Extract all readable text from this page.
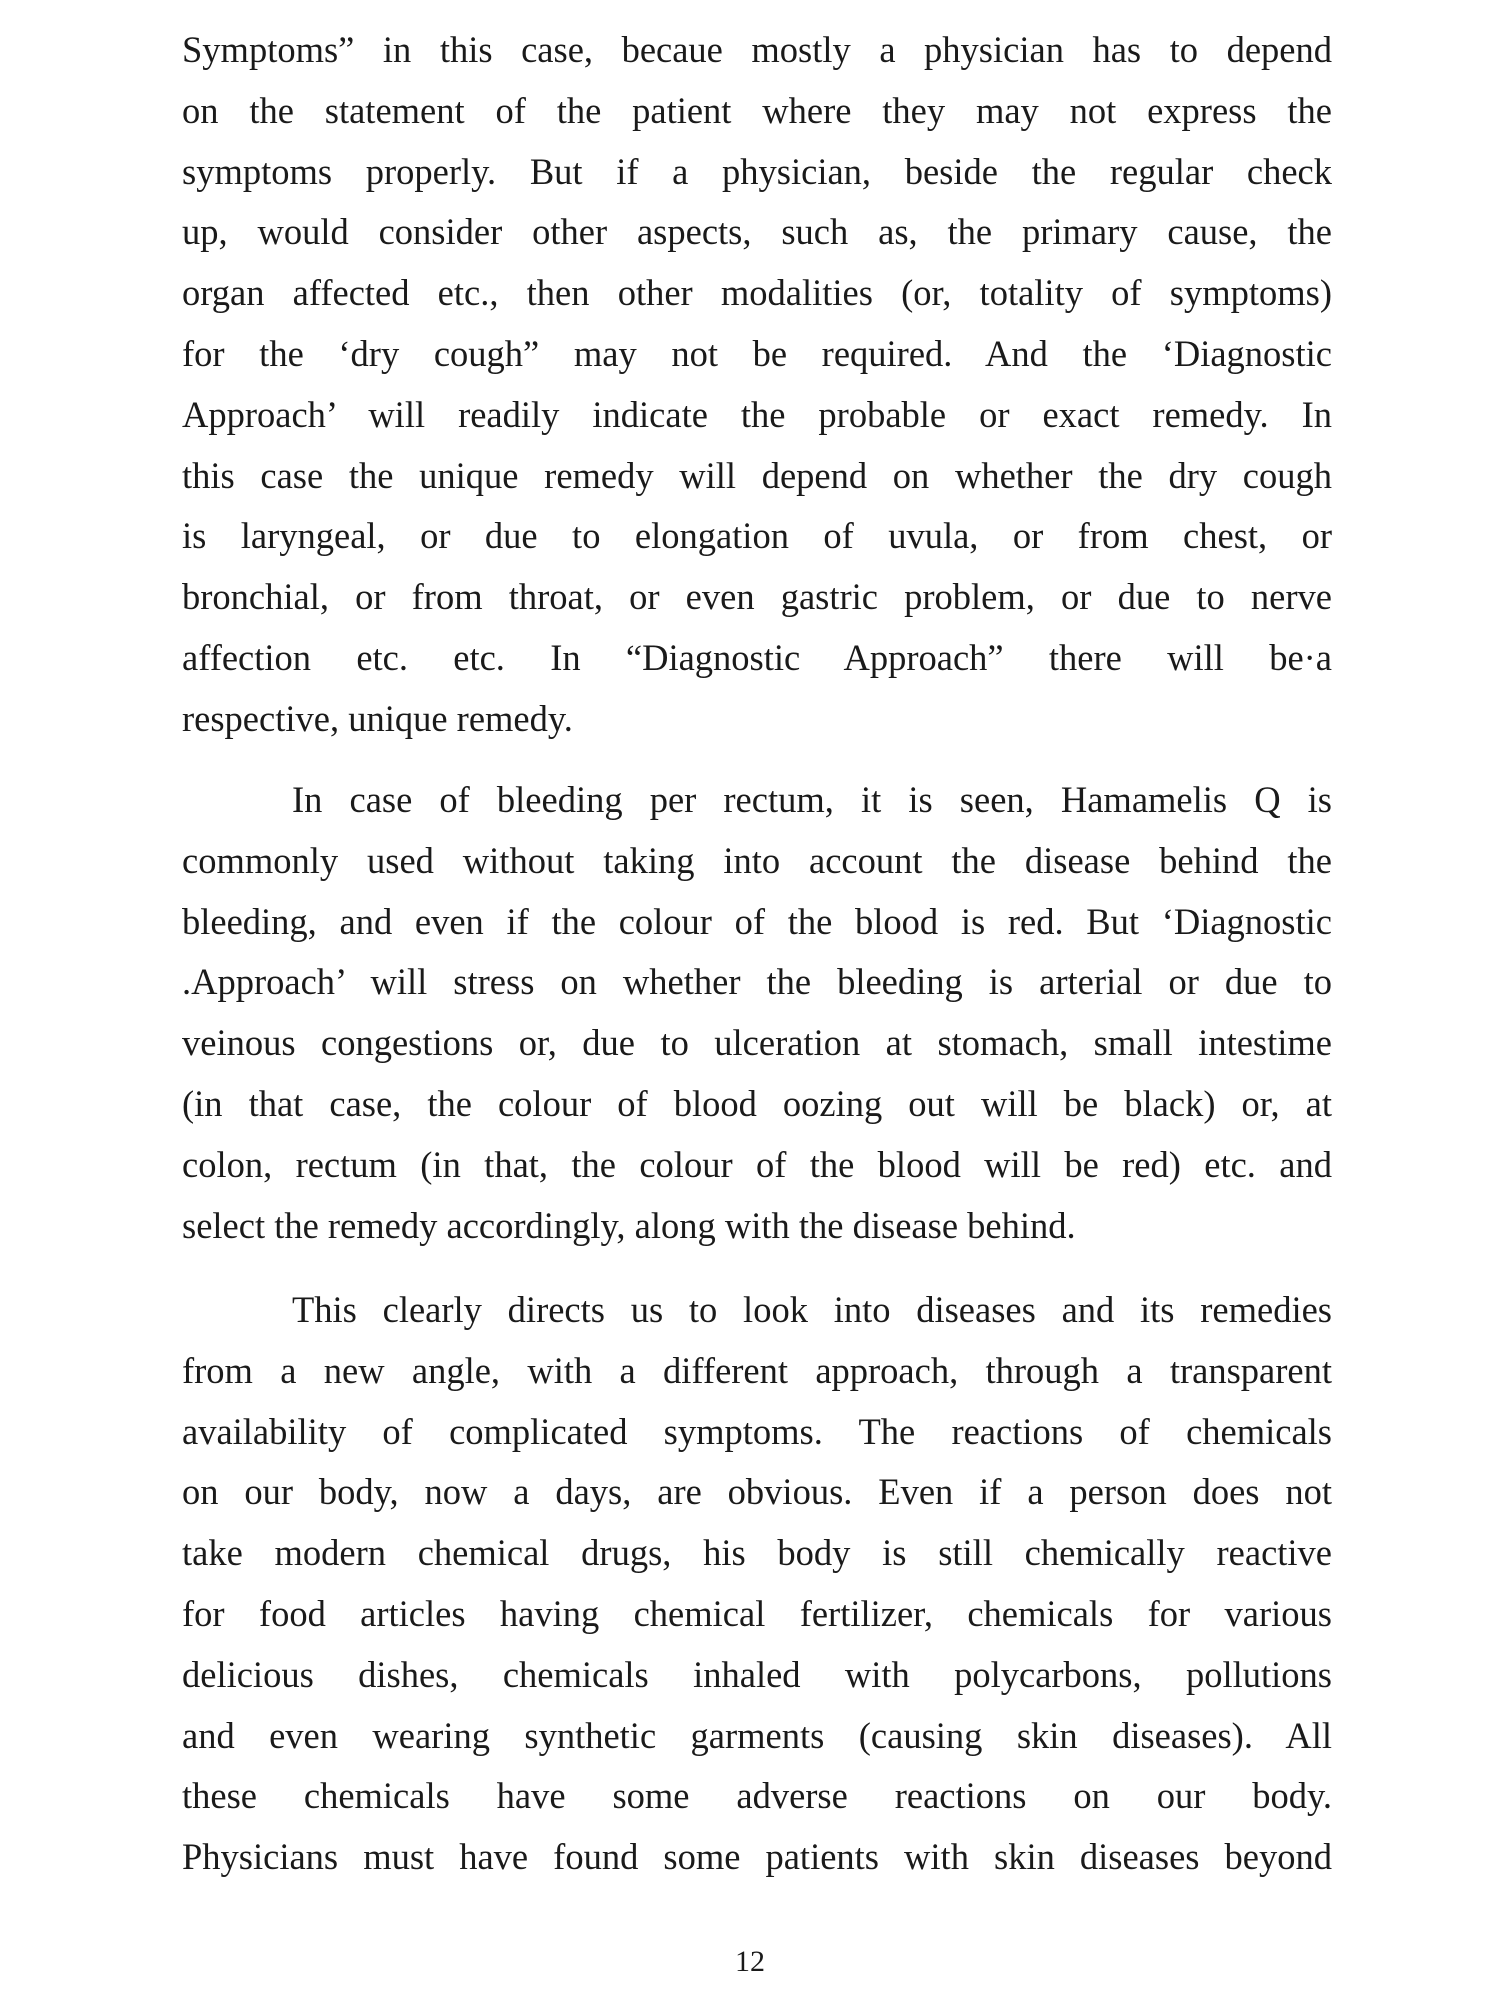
Symptoms” in this case, becaue mostly a physician has to depend
on the statement of the patient where they may not express the
symptoms properly. But if a physician, beside the regular check
up, would consider other aspects, such as, the primary cause, the
organ affected etc., then other modalities (or, totality of symptoms)
for the ‘dry cough” may not be required. And the ‘Diagnostic
Approach’ will readily indicate the probable or exact remedy. In
this case the unique remedy will depend on whether the dry cough
is laryngeal, or due to elongation of uvula, or from chest, or
bronchial, or from throat, or even gastric problem, or due to nerve
affection etc. etc. In “Diagnostic Approach” there will be·a
respective, unique remedy.
In case of bleeding per rectum, it is seen, Hamamelis Q is
commonly used without taking into account the disease behind the
bleeding, and even if the colour of the blood is red. But ‘Diagnostic
.Approach’ will stress on whether the bleeding is arterial or due to
veinous congestions or, due to ulceration at stomach, small intestime
(in that case, the colour of blood oozing out will be black) or, at
colon, rectum (in that, the colour of the blood will be red) etc. and
select the remedy accordingly, along with the disease behind.
This clearly directs us to look into diseases and its remedies
from a new angle, with a different approach, through a transparent
availability of complicated symptoms. The reactions of chemicals
on our body, now a days, are obvious. Even if a person does not
take modern chemical drugs, his body is still chemically reactive
for food articles having chemical fertilizer, chemicals for various
delicious dishes, chemicals inhaled with polycarbons, pollutions
and even wearing synthetic garments (causing skin diseases). All
these chemicals have some adverse reactions on our body.
Physicians must have found some patients with skin diseases beyond
12
